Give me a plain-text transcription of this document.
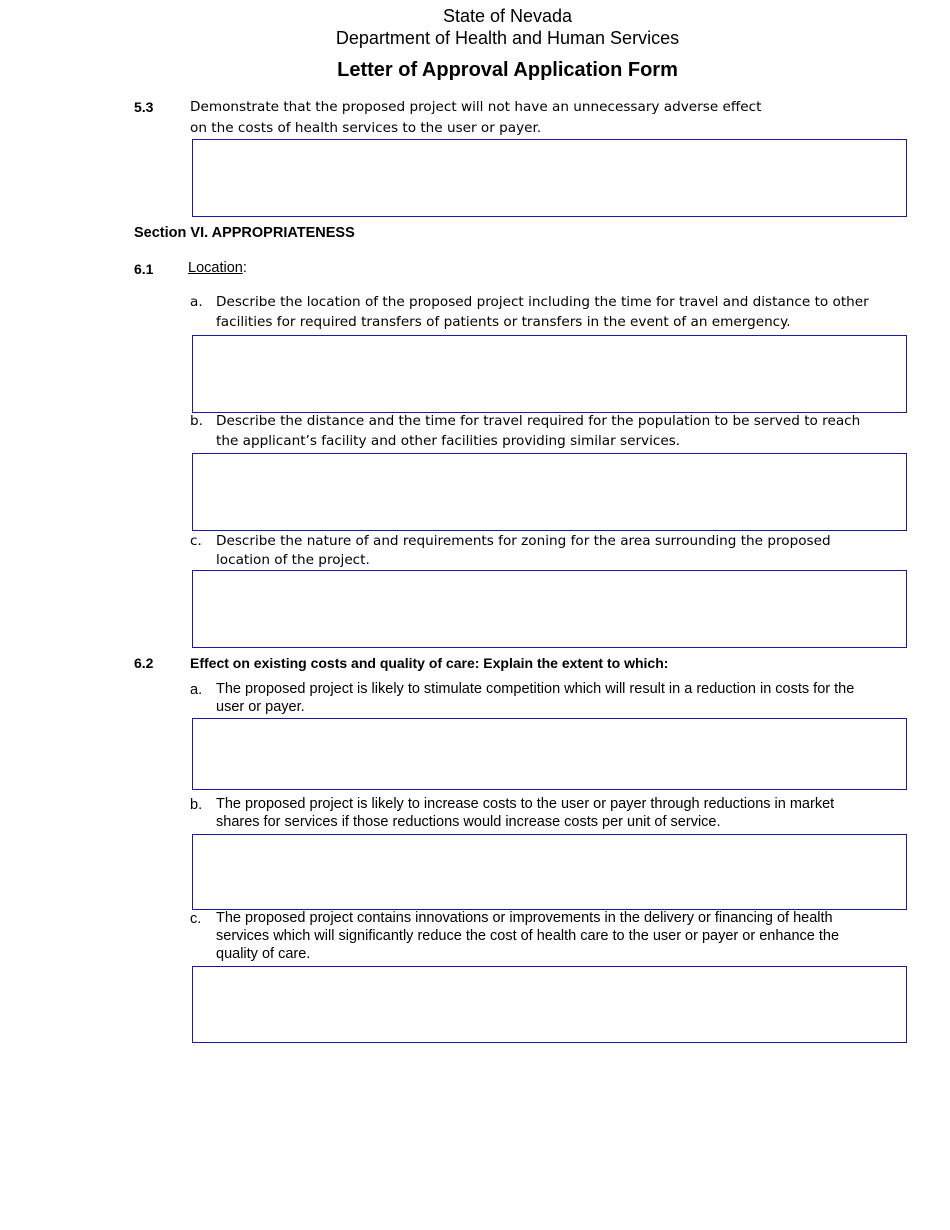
State of Nevada
Department of Health and Human Services
Letter of Approval Application Form
5.3	Demonstrate that the proposed project will not have an unnecessary adverse effect
on the costs of health services to the user or payer.
Section VI. APPROPRIATENESS
6.1 Location:
a. Describe the location of the proposed project including the time for travel and distance to other
facilities for required transfers of patients or transfers in the event of an emergency.
b. Describe the distance and the time for travel required for the population to be served to reach
the applicant’s facility and other facilities providing similar services.
c. Describe the nature of and requirements for zoning for the area surrounding the proposed
location of the project.
6.2	Effect on existing costs and quality of care: Explain the extent to which:
a. The proposed project is likely to stimulate competition which will result in a reduction in costs for the
user or payer.
b. The proposed project is likely to increase costs to the user or payer through reductions in market
shares for services if those reductions would increase costs per unit of service.
c. The proposed project contains innovations or improvements in the delivery or financing of health
services which will significantly reduce the cost of health care to the user or payer or enhance the
quality of care.
